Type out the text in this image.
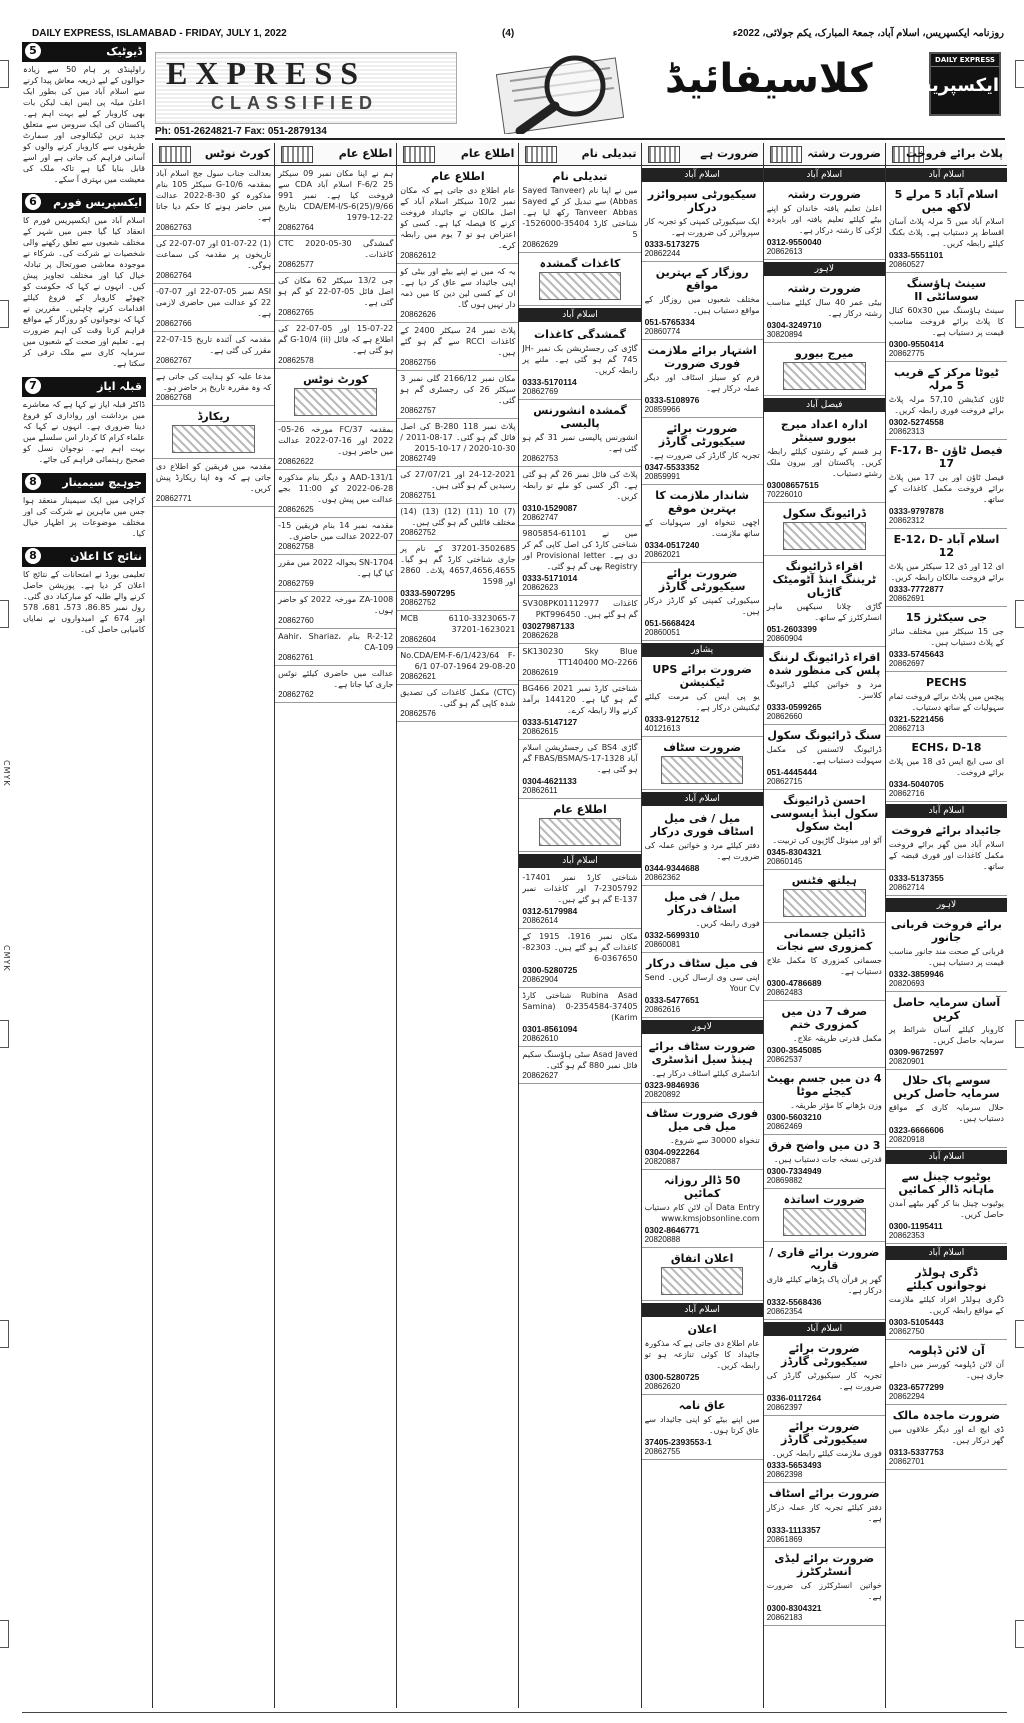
CMYK
CMYK
DAILY EXPRESS, ISLAMABAD - FRIDAY, JULY 1, 2022	(4)	روزنامہ ایکسپریس، اسلام آباد، جمعۃ المبارک، یکم جولائی، 2022ء
EXPRESS
CLASSIFIED
Ph: 051-2624821-7 Fax: 051-2879134
کلاسیفائیڈ	DAILY EXPRESS
ایکسپریس
5	ڈیوٹیک
راولپنڈی پر ہام 50 سے زیادہ حوالوں کے لیے ذریعہ معاش پیدا کرنے سے اسلام آباد میں کی بطور ایک اعلیٰ میلہ پی ایس ایف لیکن بات بھی کاروبار کے لیے بہت اہم ہے۔ پاکستان کی ایک سروس سے متعلق جدید ترین ٹیکنالوجی اور سمارٹ طریقوں سے کاروبار کرنے والوں کو آسانی فراہم کی جاتی ہے اور اسے قابل بنایا گیا ہے تاکہ ملک کی معیشت میں بہتری آ سکے۔
6	ایکسپریس فورم
اسلام آباد میں ایکسپریس فورم کا انعقاد کیا گیا جس میں شہر کے مختلف شعبوں سے تعلق رکھنے والی شخصیات نے شرکت کی۔ شرکاء نے موجودہ معاشی صورتحال پر تبادلہ خیال کیا اور مختلف تجاویز پیش کیں۔ انہوں نے کہا کہ حکومت کو چھوٹے کاروبار کے فروغ کیلئے اقدامات کرنے چاہئیں۔ مقررین نے کہا کہ نوجوانوں کو روزگار کے مواقع فراہم کرنا وقت کی اہم ضرورت ہے۔ تعلیم اور صحت کے شعبوں میں سرمایہ کاری سے ملک ترقی کر سکتا ہے۔
7	قبلہ ایاز
ڈاکٹر قبلہ ایاز نے کہا ہے کہ معاشرے میں برداشت اور رواداری کو فروغ دینا ضروری ہے۔ انہوں نے کہا کہ علماء کرام کا کردار اس سلسلے میں بہت اہم ہے۔ نوجوان نسل کو صحیح رہنمائی فراہم کی جائے۔
8	جوہیچ سیمینار
کراچی میں ایک سیمینار منعقد ہوا جس میں ماہرین نے شرکت کی اور مختلف موضوعات پر اظہار خیال کیا۔
8	نتائج کا اعلان
تعلیمی بورڈ نے امتحانات کے نتائج کا اعلان کر دیا ہے۔ پوزیشن حاصل کرنے والے طلبہ کو مبارکباد دی گئی۔ رول نمبر 86.85، 573، 681، 578 اور 674 کے امیدواروں نے نمایاں کامیابی حاصل کی۔
پلاٹ برائے فروخت
اسلام آباد
اسلام آباد 5 مرلے 5 لاکھ میں
اسلام آباد میں 5 مرلہ پلاٹ آسان اقساط پر دستیاب ہے۔ پلاٹ بکنگ کیلئے رابطہ کریں۔
0333-5551101
20860527
سینٹ ہاؤسنگ سوسائٹی II
سینٹ ہاؤسنگ میں 60x30 کنال کا پلاٹ برائے فروخت مناسب قیمت پر دستیاب ہے۔
0300-9550414
20862775
ٹیوٹا مرکز کے قریب 5 مرلہ
ٹاؤن کنڈیشن 57,10 مرلہ پلاٹ برائے فروخت فوری رابطہ کریں۔
0302-5274558
20862313
فیصل ٹاؤن F-17، B-17
فیصل ٹاؤن اور بی 17 میں پلاٹ برائے فروخت مکمل کاغذات کے ساتھ۔
0333-9797878
20862312
اسلام آباد E-12، D-12
ای 12 اور ڈی 12 سیکٹر میں پلاٹ برائے فروخت مالکان رابطہ کریں۔
0333-7772877
20862691
جی سیکٹرز 15
جی 15 سیکٹر میں مختلف سائز کے پلاٹ دستیاب ہیں۔
0333-5745643
20862697
PECHS
پیچس میں پلاٹ برائے فروخت تمام سہولیات کے ساتھ دستیاب۔
0321-5221456
20862713
ECHS، D-18
ای سی ایچ ایس ڈی 18 میں پلاٹ برائے فروخت۔
0334-5040705
20862716
اسلام آباد
جائیداد برائے فروخت
اسلام آباد میں گھر برائے فروخت مکمل کاغذات اور فوری قبضہ کے ساتھ۔
0333-5137355
20862714
لاہور
برائے فروخت قربانی جانور
قربانی کے صحت مند جانور مناسب قیمت پر دستیاب ہیں۔
0332-3859946
20820693
آسان سرمایہ حاصل کریں
کاروبار کیلئے آسان شرائط پر سرمایہ حاصل کریں۔
0309-9672597
20820901
سوسے پاک حلال سرمایہ حاصل کریں
حلال سرمایہ کاری کے مواقع دستیاب ہیں۔
0323-6666606
20820918
اسلام آباد
یوٹیوب چینل سے ماہانہ ڈالر کمائیں
یوٹیوب چینل بنا کر گھر بیٹھے آمدن حاصل کریں۔
0300-1195411
20862353
اسلام آباد
ڈگری ہولڈر نوجوانوں کیلئے
ڈگری ہولڈر افراد کیلئے ملازمت کے مواقع رابطہ کریں۔
0303-5105443
20862750
آن لائن ڈپلومہ
آن لائن ڈپلومہ کورسز میں داخلے جاری ہیں۔
0323-6577299
20862294
ضرورت ماجدہ مالک
ڈی ایچ اے اور دیگر علاقوں میں گھر درکار ہیں۔
0313-5337753
20862701
ضرورت رشتہ
اسلام آباد
ضرورت رشتہ
اعلیٰ تعلیم یافتہ خاندان کو اپنے بیٹے کیلئے تعلیم یافتہ اور باپردہ لڑکی کا رشتہ درکار ہے۔
0312-9550040
20862613
لاہور
ضرورت رشتہ
بیٹی عمر 40 سال کیلئے مناسب رشتہ درکار ہے۔
0304-3249710
30820894
میرج بیورو
فیصل آباد
ادارہ اعداد میرج بیورو سینٹر
ہر قسم کے رشتوں کیلئے رابطہ کریں۔ پاکستان اور بیرون ملک رشتے دستیاب۔
03008657515
70226010
ڈرائیونگ سکول
اقراء ڈرائیونگ ٹریننگ اینڈ آٹومیٹک گاڑیاں
گاڑی چلانا سیکھیں ماہر انسٹرکٹرز کے ساتھ۔
051-2603399
20860904
اقراء ڈرائیونگ لرننگ پلس کی منظور شدہ
مرد و خواتین کیلئے ڈرائیونگ کلاسز۔
0333-0599265
20862660
سنگ ڈرائیونگ سکول
ڈرائیونگ لائسنس کی مکمل سہولت دستیاب ہے۔
051-4445444
20862715
احسن ڈرائیونگ سکول اینڈ ایسوسی ایٹ سکول
آٹو اور مینوئل گاڑیوں کی تربیت۔
0345-8304321
20860145
ہیلتھ فٹنس
ڈائیلن جسمانی کمزوری سے نجات
جسمانی کمزوری کا مکمل علاج دستیاب ہے۔
0300-4786689
20862483
صرف 7 دن میں کمزوری ختم
مکمل قدرتی طریقہ علاج۔
0300-3545085
20862537
4 دن میں جسم بھیٹ کیجئے موٹا
وزن بڑھانے کا مؤثر طریقہ۔
0300-5603210
20862469
3 دن میں واضح فرق
قدرتی نسخہ جات دستیاب ہیں۔
0300-7334949
20869882
ضرورت اساتذہ
ضرورت برائے قاری / قاریہ
گھر پر قرآن پاک پڑھانے کیلئے قاری درکار ہے۔
0332-5568436
20862354
اسلام آباد
ضرورت برائے سیکیورٹی گارڈز
تجربہ کار سیکیورٹی گارڈز کی ضرورت ہے۔
0336-0117264
20862397
ضرورت برائے سیکیورٹی گارڈز
فوری ملازمت کیلئے رابطہ کریں۔
0333-5653493
20862398
ضرورت برائے اسٹاف
دفتر کیلئے تجربہ کار عملہ درکار ہے۔
0333-1113357
20861869
ضرورت برائے لیڈی انسٹرکٹرز
خواتین انسٹرکٹرز کی ضرورت ہے۔
0300-8304321
20862183
ضرورت ہے
اسلام آباد
سیکیورٹی سپروائزر درکار
ایک سیکیورٹی کمپنی کو تجربہ کار سپروائزر کی ضرورت ہے۔
0333-5173275
20862244
روزگار کے بہترین مواقع
مختلف شعبوں میں روزگار کے مواقع دستیاب ہیں۔
051-5765334
20860774
اشتہار برائے ملازمت فوری ضرورت
فرم کو سیلز اسٹاف اور دیگر عملہ درکار ہے۔
0333-5108976
20859966
ضرورت برائے سیکیورٹی گارڈز
تجربہ کار گارڈز کی ضرورت ہے۔
0347-5533352
20859991
شاندار ملازمت کا بہترین موقع
اچھی تنخواہ اور سہولیات کے ساتھ ملازمت۔
0334-0517240
20862021
ضرورت برائے سیکیورٹی گارڈز
سیکیورٹی کمپنی کو گارڈز درکار ہیں۔
051-5668424
20860051
پشاور
ضرورت برائے UPS ٹیکنیشن
یو پی ایس کی مرمت کیلئے ٹیکنیشن درکار ہے۔
0333-9127512
40121613
ضرورت سٹاف
اسلام آباد
میل / فی میل اسٹاف فوری درکار
دفتر کیلئے مرد و خواتین عملہ کی ضرورت ہے۔
0344-9344688
20862362
میل / فی میل اسٹاف درکار
فوری رابطہ کریں۔
0332-5699310
20860081
فی میل سٹاف درکار
اپنی سی وی ارسال کریں۔ Send Your Cv
0333-5477651
20862616
لاہور
ضرورت سٹاف برائے ہینڈ سیل انڈسٹری
انڈسٹری کیلئے اسٹاف درکار ہے۔
0323-9846936
20820892
فوری ضرورت سٹاف میل فی میل
تنخواہ 30000 سے شروع۔
0304-0922264
20820887
50 ڈالر روزانہ کمائیں
Data Entry آن لائن کام دستیاب www.kmsjobsonline.com
0302-8646771
20820888
اعلان اتفاق
اسلام آباد
اعلان
عام اطلاع دی جاتی ہے کہ مذکورہ جائیداد کا کوئی تنازعہ ہو تو رابطہ کریں۔
0300-5280725
20862620
عاق نامہ
میں اپنے بیٹے کو اپنی جائیداد سے عاق کرتا ہوں۔
37405-2393553-1
20862755
تبدیلی نام
تبدیلی نام
میں نے اپنا نام (Sayed Tanveer Abbas) سے تبدیل کر کے Sayed Tanveer Abbas رکھ لیا ہے۔ شناختی کارڈ 35404-1526000-5
20862629
کاغذات گمشدہ
اسلام آباد
گمشدگی کاغذات
گاڑی کی رجسٹریشن بک نمبر JH-745 گم ہو گئی ہے۔ ملنے پر رابطہ کریں۔
0333-5170114
20862769
گمشدہ انشورنس پالیسی
انشورنس پالیسی نمبر 31 گم ہو گئی ہے۔
20862753
پلاٹ کی فائل نمبر 26 گم ہو گئی ہے۔ اگر کسی کو ملے تو رابطہ کریں۔
0310-1529087
20862747
میں نے 61101-9805854 شناختی کارڈ کی اصل کاپی گم کر دی ہے۔ Provisional letter اور Registry بھی گم ہو گئی۔
0333-5171014
20862623
کاغذات SV308PK01112977 گم ہو گئے ہیں۔ PKT996450
03027987133
20862628
SK130230 Sky Blue TT140400 MO-2266
20862619
شناختی کارڈ نمبر 2021 BG466 گم ہو گیا ہے۔ 144120 برآمد کرنے والا رابطہ کرے۔
0333-5147127
20862615
گاڑی BS4 کی رجسٹریشن اسلام آباد 1328-FBAS/BSMA/S-17 گم ہو گئی ہے۔
0304-4621133
20862611
اطلاع عام
اسلام آباد
شناختی کارڈ نمبر 17401-2305792-7 اور کاغذات نمبر 137-E گم ہو گئے ہیں۔
0312-5179984
20862614
مکان نمبر 1916، 1915 کے کاغذات گم ہو گئے ہیں۔ 82303-0367650-6
0300-5280725
20862904
Rubina Asad شناختی کارڈ 37405-2354584-0 (Samina Karim)
0301-8561094
20862610
Asad Javed سٹی ہاؤسنگ سکیم فائل نمبر 880 گم ہو گئی۔
20862627
اطلاع عام
اطلاع عام
عام اطلاع دی جاتی ہے کہ مکان نمبر 10/2 سیکٹر اسلام آباد کے اصل مالکان نے جائیداد فروخت کرنے کا فیصلہ کیا ہے۔ کسی کو اعتراض ہو تو 7 یوم میں رابطہ کرے۔
20862612
یہ کہ میں نے اپنے بیٹے اور بیٹی کو اپنی جائیداد سے عاق کر دیا ہے۔ ان کے کسی لین دین کا میں ذمہ دار نہیں ہوں گا۔
20862626
پلاٹ نمبر 24 سیکٹر 2400 کے کاغذات RCCI سے گم ہو گئے ہیں۔
20862756
مکان نمبر 2166/12 گلی نمبر 3 سیکٹر 26 کی رجسٹری گم ہو گئی۔
20862757
پلاٹ نمبر 118 B-280 کی اصل فائل گم ہو گئی۔ 17-08-2011 / 30-10-2020 / 17-10-2015
20862749
24-12-2021 اور 27/07/21 کی رسیدیں گم ہو گئی ہیں۔
20862751
(7) 10 (11) (12) (13) (14) مختلف فائلیں گم ہو گئی ہیں۔
20862752
37201-3502685 کے نام پر جاری شناختی کارڈ گم ہو گیا۔ 4657,4656,4655 پلاٹ۔ 2860 اور 1598
0333-5907295
20862752
MCB 6110-3323065-7 37201-1623021
20862604
No.CDA/EM-F-6/1/423/64 F-6/1 07-07-1964 29-08-20
20862621
(CTC) مکمل کاغذات کی تصدیق شدہ کاپی گم ہو گئی۔
20862576
اطلاع عام
ہم نے اپنا مکان نمبر 09 سیکٹر 25 F-6/2 اسلام آباد CDA سے فروخت کیا ہے۔ نمبر 991 CDA/EM-I/S-6(25)/9/66 بتاریخ 22-12-1979
20862764
گمشدگی 30-05-2020 CTC کاغذات۔
20862577
جی 13/2 سیکٹر 62 مکان کی اصل فائل 05-07-22 کو گم ہو گئی ہے۔
20862765
15-07-22 اور 05-07-22 کی اطلاع ہے کہ فائل (ii) G-10/4 گم ہو گئی ہے۔
20862578
کورٹ نوٹس
بمقدمہ 37/FC مورخہ 26-05-2022 اور 16-07-2022 عدالت میں حاضر ہوں۔
20862622
AAD-131/1 و دیگر بنام مذکورہ 28-06-2022 کو 11:00 بجے عدالت میں پیش ہوں۔
20862625
مقدمہ نمبر 14 بنام فریقین 15-07-2022 عدالت میں حاضری۔
20862758
SN-1704 بحوالہ 2022 میں مقرر کیا گیا ہے۔
20862759
ZA-1008 مورخہ 2022 کو حاضر ہوں۔
20862760
12-R-2 بنام Aahir، Shariaz، CA-109
20862761
عدالت میں حاضری کیلئے نوٹس جاری کیا جاتا ہے۔
20862762
کورٹ نوٹس
بعدالت جناب سول جج اسلام آباد بمقدمہ G-10/6 سیکٹر 105 بنام مذکورہ کو 30-8-2022 عدالت میں حاضر ہونے کا حکم دیا جاتا ہے۔
20862763
(1) 01-07-22 اور 07-07-22 کی تاریخوں پر مقدمہ کی سماعت ہوگی۔
20862764
ASI نمبر 05-07-22 اور 07-07-22 کو عدالت میں حاضری لازمی ہے۔
20862766
مقدمہ کی آئندہ تاریخ 15-07-22 مقرر کی گئی ہے۔
20862767
مدعا علیہ کو ہدایت کی جاتی ہے کہ وہ مقررہ تاریخ پر حاضر ہو۔
20862768
ریکارڈ
مقدمہ میں فریقین کو اطلاع دی جاتی ہے کہ وہ اپنا ریکارڈ پیش کریں۔
20862771
